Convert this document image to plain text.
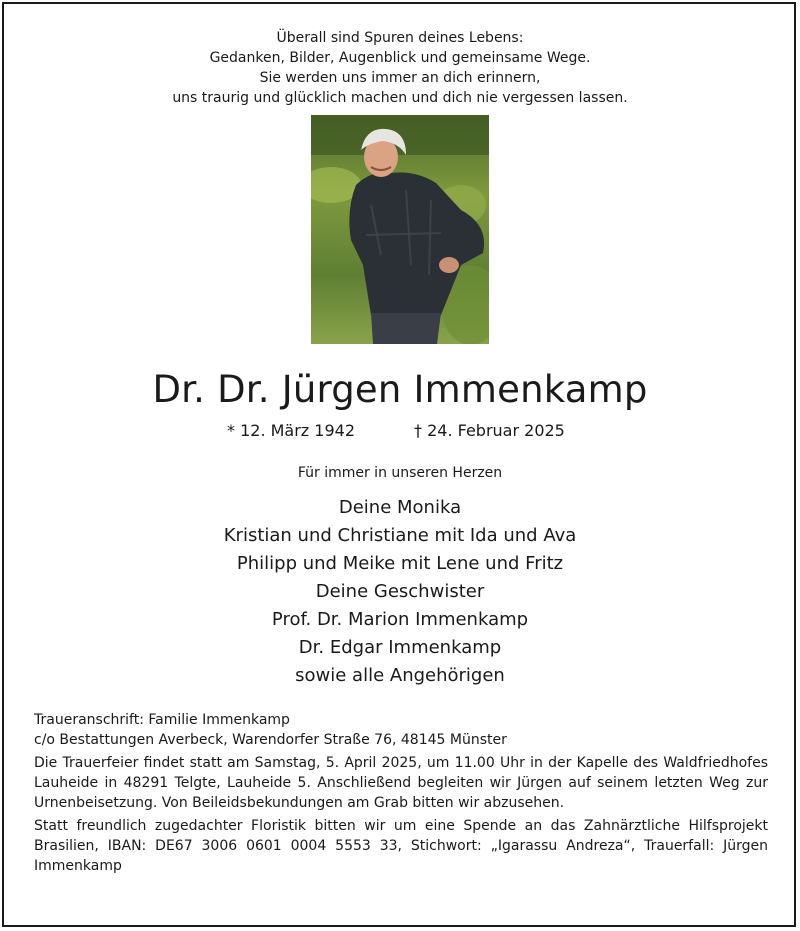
Überall sind Spuren deines Lebens:
Gedanken, Bilder, Augenblick und gemeinsame Wege.
Sie werden uns immer an dich erinnern,
uns traurig und glücklich machen und dich nie vergessen lassen.
Dr. Dr. Jürgen Immenkamp
* 12. März 1942	† 24. Februar 2025
Für immer in unseren Herzen
Deine Monika
Kristian und Christiane mit Ida und Ava
Philipp und Meike mit Lene und Fritz
Deine Geschwister
Prof. Dr. Marion Immenkamp
Dr. Edgar Immenkamp
sowie alle Angehörigen

Traueranschrift: Familie Immenkamp

c/o Bestattungen Averbeck, Warendorfer Straße 76, 48145 Münster

Die Trauerfeier findet statt am Samstag, 5. April 2025, um 11.00 Uhr in der Kapelle des Waldfriedhofes Lauheide in 48291 Telgte, Lauheide 5. Anschließend begleiten wir Jürgen auf seinem letzten Weg zur Urnenbeisetzung. Von Beileidsbekundungen am Grab bitten wir abzusehen.

Statt freundlich zugedachter Floristik bitten wir um eine Spende an das Zahnärztliche Hilfsprojekt Brasilien, IBAN: DE67 3006 0601 0004 5553 33, Stichwort: „Igarassu Andreza“, Trauerfall: Jürgen Immenkamp
